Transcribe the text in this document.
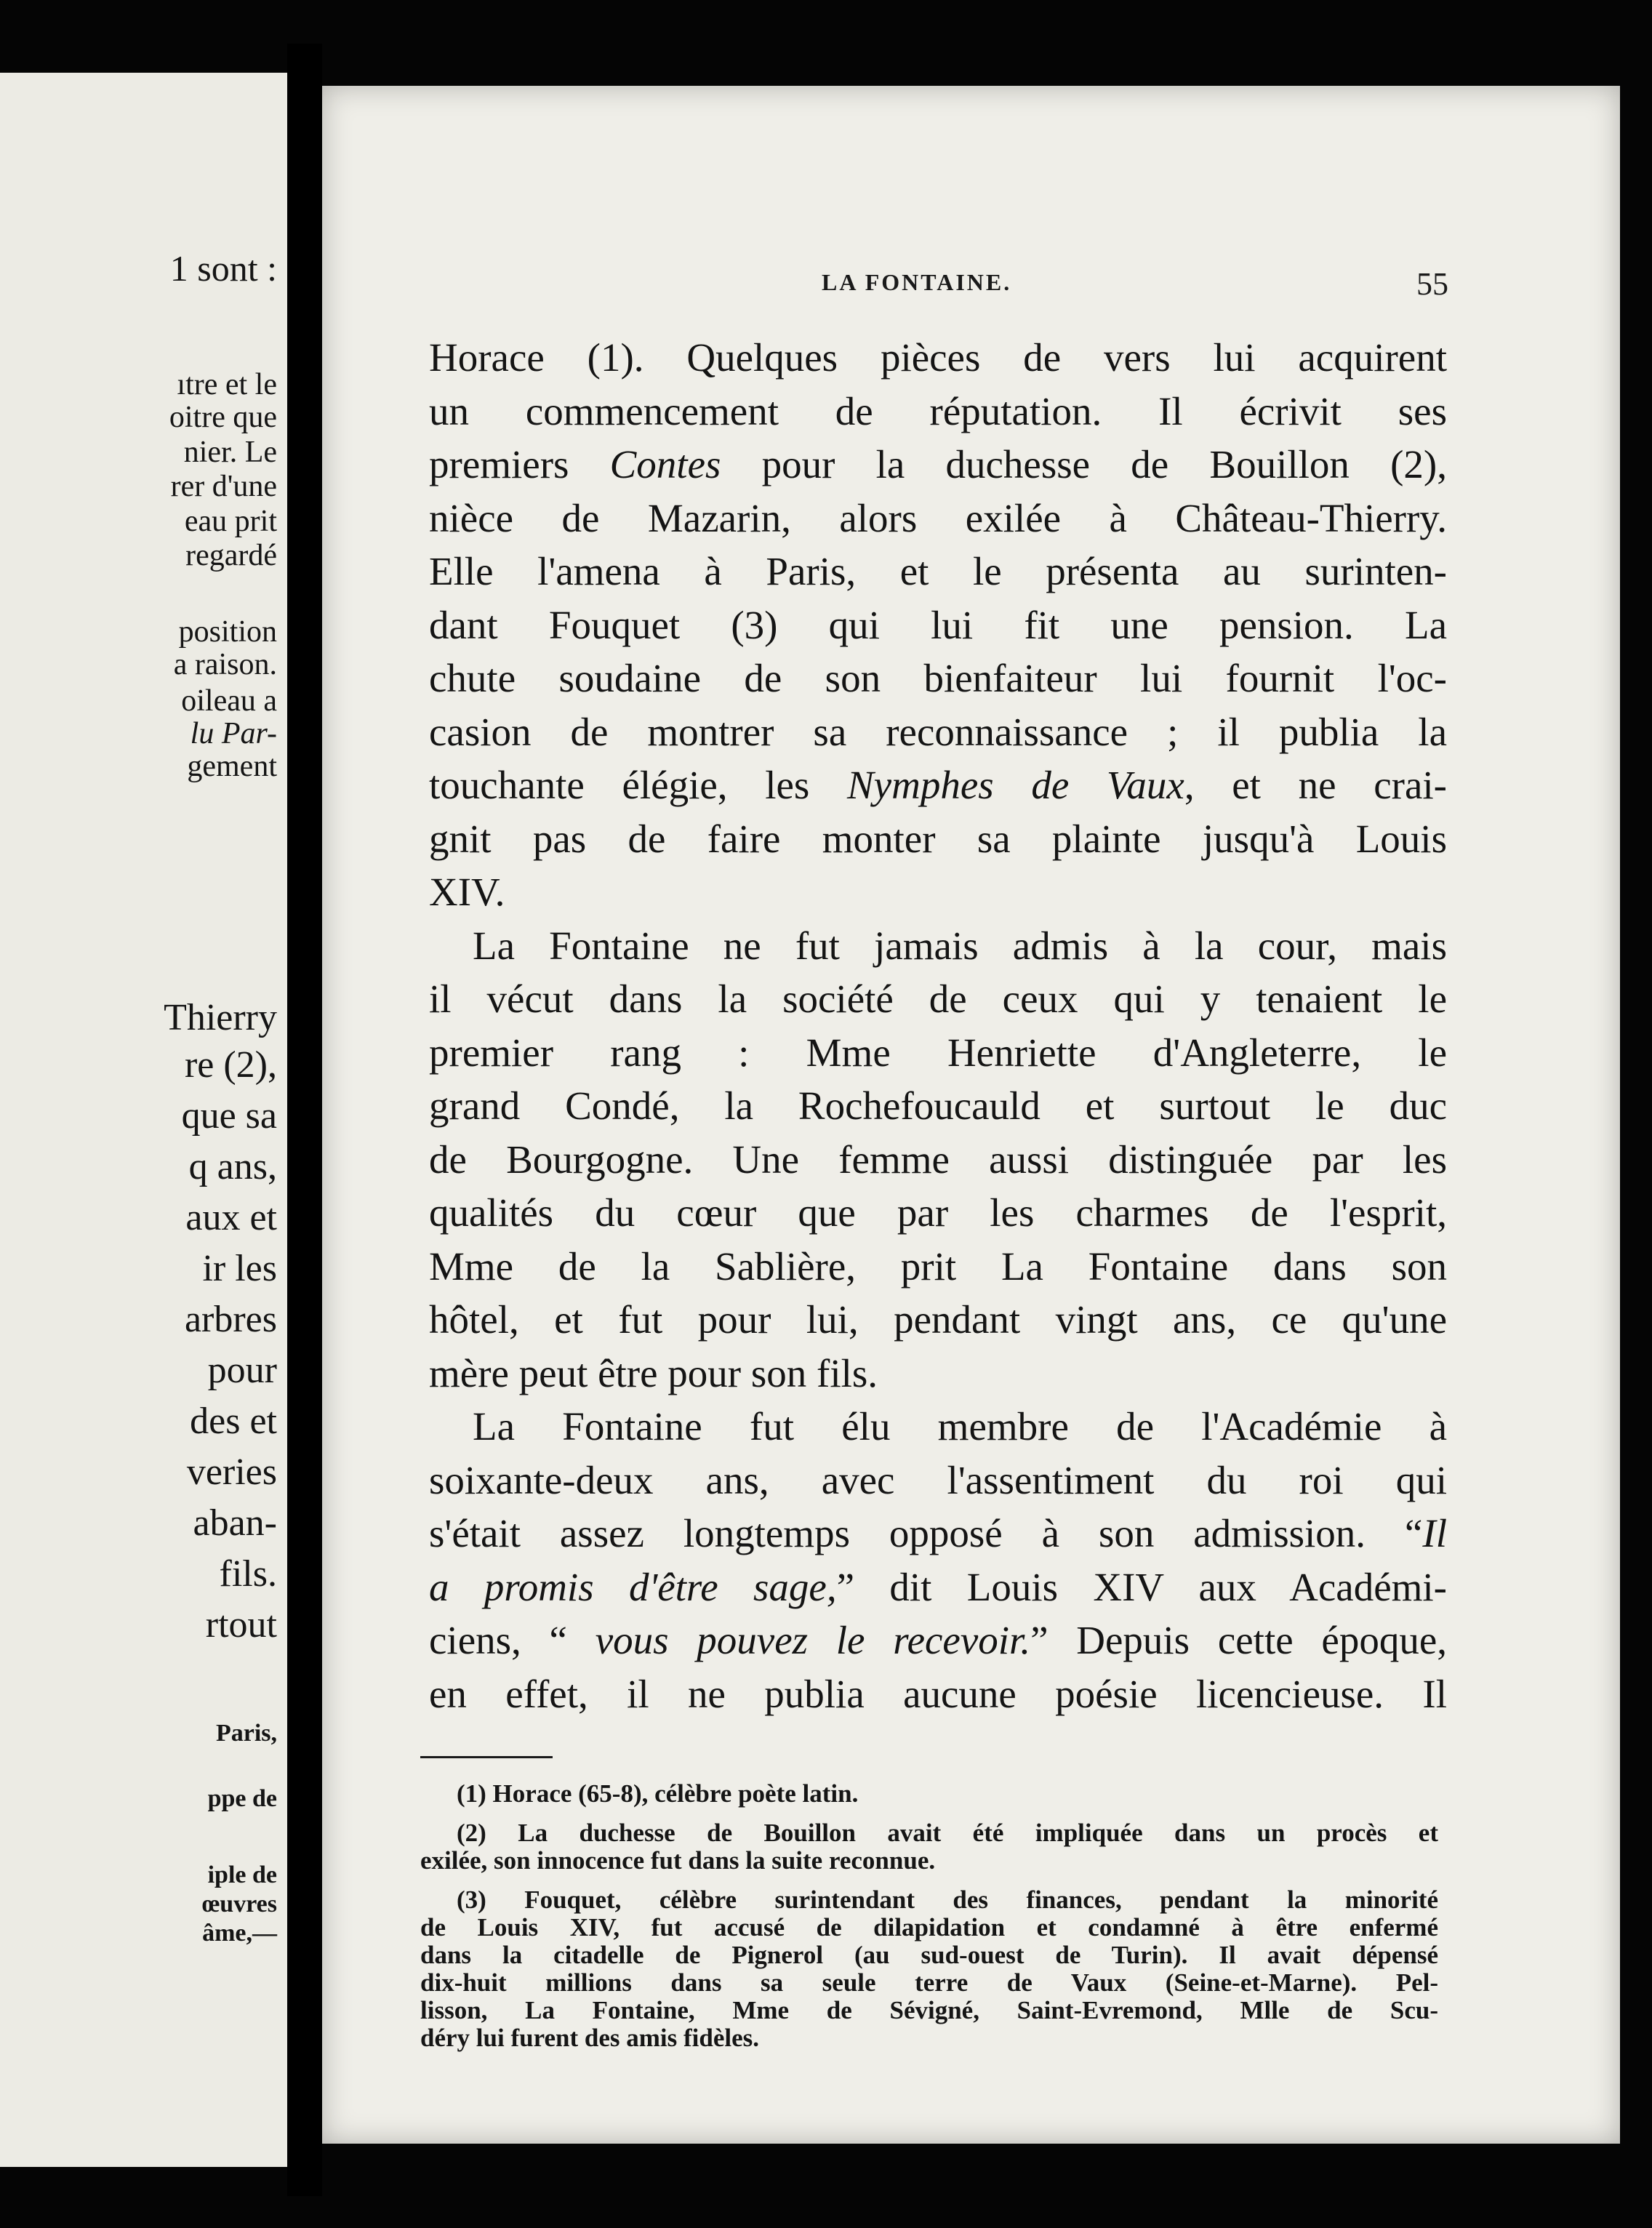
1 sont :
ıtre et le
oitre que
nier. Le
rer d'une
eau prit
regardé
position
a raison.
oileau a
lu Par-
gement
Thierry
re (2),
que sa
q ans,
aux et
ir les
arbres
pour
des et
veries
aban-
fils.
rtout
Paris,
ppe de
iple de
œuvres
âme,—
LA FONTAINE.	55
Horace (1). Quelques pièces de vers lui acquirent
un commencement de réputation. Il écrivit ses
premiers Contes pour la duchesse de Bouillon (2),
nièce de Mazarin, alors exilée à Château-Thierry.
Elle l'amena à Paris, et le présenta au surinten-
dant Fouquet (3) qui lui fit une pension. La
chute soudaine de son bienfaiteur lui fournit l'oc-
casion de montrer sa reconnaissance ; il publia la
touchante élégie, les Nymphes de Vaux, et ne crai-
gnit pas de faire monter sa plainte jusqu'à Louis
XIV.
La Fontaine ne fut jamais admis à la cour, mais
il vécut dans la société de ceux qui y tenaient le
premier rang : Mme Henriette d'Angleterre, le
grand Condé, la Rochefoucauld et surtout le duc
de Bourgogne. Une femme aussi distinguée par les
qualités du cœur que par les charmes de l'esprit,
Mme de la Sablière, prit La Fontaine dans son
hôtel, et fut pour lui, pendant vingt ans, ce qu'une
mère peut être pour son fils.
La Fontaine fut élu membre de l'Académie à
soixante-deux ans, avec l'assentiment du roi qui
s'était assez longtemps opposé à son admission. “Il
a promis d'être sage,” dit Louis XIV aux Académi-
ciens, “ vous pouvez le recevoir.” Depuis cette époque,
en effet, il ne publia aucune poésie licencieuse. Il
(1) Horace (65-8), célèbre poète latin.
(2) La duchesse de Bouillon avait été impliquée dans un procès et
exilée, son innocence fut dans la suite reconnue.
(3) Fouquet, célèbre surintendant des finances, pendant la minorité
de Louis XIV, fut accusé de dilapidation et condamné à être enfermé
dans la citadelle de Pignerol (au sud-ouest de Turin). Il avait dépensé
dix-huit millions dans sa seule terre de Vaux (Seine-et-Marne). Pel-
lisson, La Fontaine, Mme de Sévigné, Saint-Evremond, Mlle de Scu-
déry lui furent des amis fidèles.
